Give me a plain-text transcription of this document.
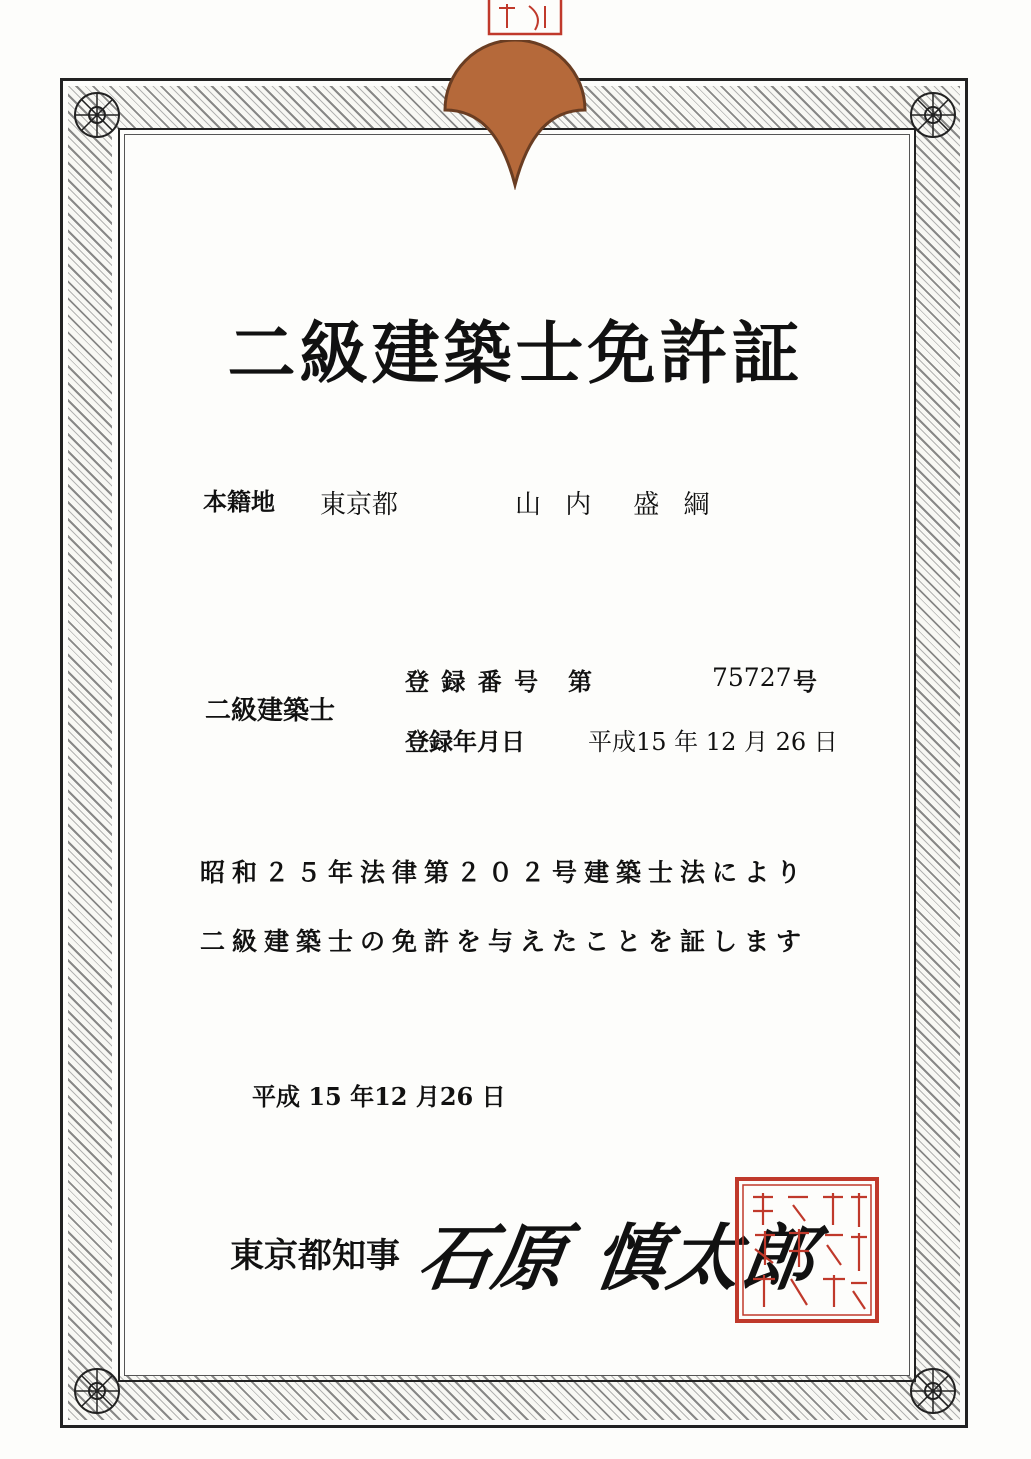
二級建築士免許証
本籍地 東京都	山 内　盛 綱
二級建築士
登 録 番 号 第	75727 号
登録年月日	平成15 年 12 月 26 日
昭和２５年法律第２０２号建築士法により
二級建築士の免許を与えたことを証します
平成 15 年12 月26 日
東京都知事 石原 慎太郎
